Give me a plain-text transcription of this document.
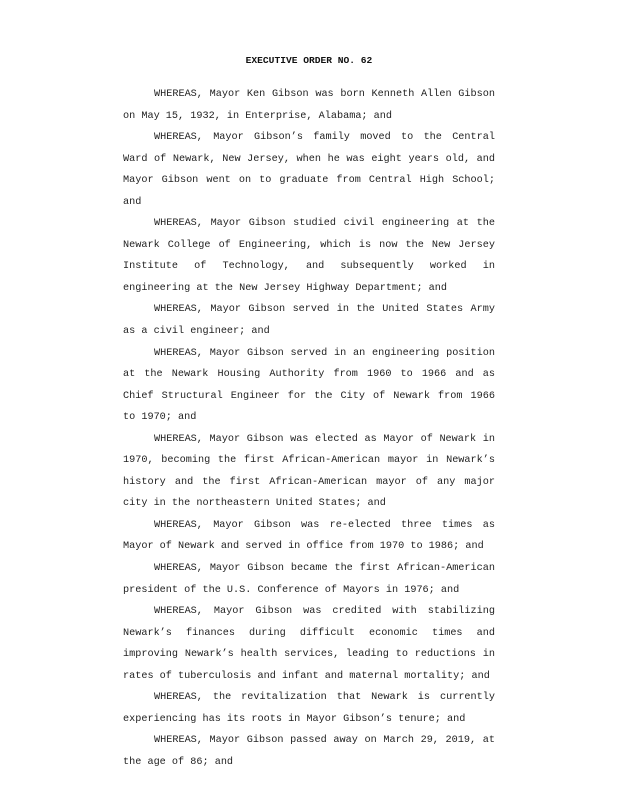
EXECUTIVE ORDER NO. 62

WHEREAS, Mayor Ken Gibson was born Kenneth Allen Gibson on May 15, 1932, in Enterprise, Alabama; and

WHEREAS, Mayor Gibson’s family moved to the Central Ward of Newark, New Jersey, when he was eight years old, and Mayor Gibson went on to graduate from Central High School; and

WHEREAS, Mayor Gibson studied civil engineering at the Newark College of Engineering, which is now the New Jersey Institute of Technology, and subsequently worked in engineering at the New Jersey Highway Department; and

WHEREAS, Mayor Gibson served in the United States Army as a civil engineer; and

WHEREAS, Mayor Gibson served in an engineering position at the Newark Housing Authority from 1960 to 1966 and as Chief Structural Engineer for the City of Newark from 1966 to 1970; and

WHEREAS, Mayor Gibson was elected as Mayor of Newark in 1970, becoming the first African-American mayor in Newark’s history and the first African-American mayor of any major city in the northeastern United States; and

WHEREAS, Mayor Gibson was re-elected three times as Mayor of Newark and served in office from 1970 to 1986; and

WHEREAS, Mayor Gibson became the first African-American president of the U.S. Conference of Mayors in 1976; and

WHEREAS, Mayor Gibson was credited with stabilizing Newark’s finances during difficult economic times and improving Newark’s health services, leading to reductions in rates of tuberculosis and infant and maternal mortality; and

WHEREAS, the revitalization that Newark is currently experiencing has its roots in Mayor Gibson’s tenure; and

WHEREAS, Mayor Gibson passed away on March 29, 2019, at the age of 86; and
